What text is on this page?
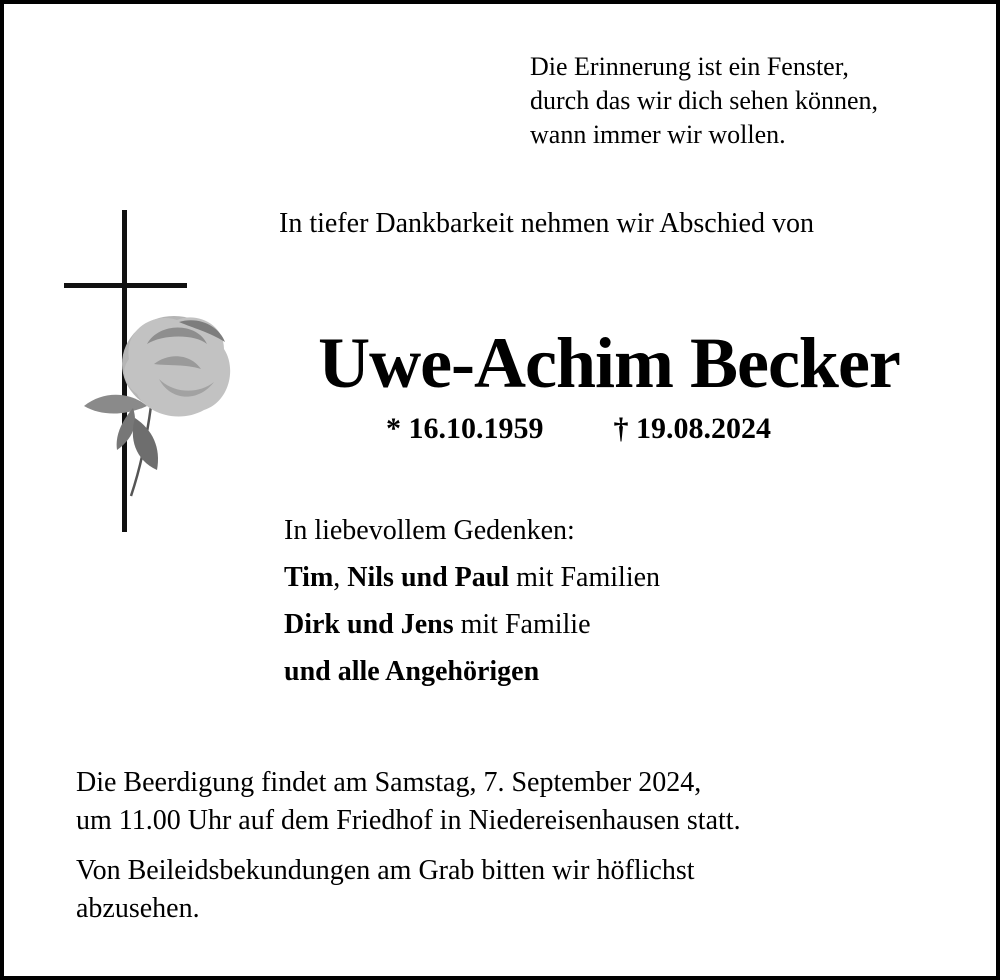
Die Erinnerung ist ein Fenster,
durch das wir dich sehen können,
wann immer wir wollen.
In tiefer Dankbarkeit nehmen wir Abschied von
Uwe-Achim Becker
* 16.10.1959 † 19.08.2024
In liebevollem Gedenken:
Tim, Nils und Paul mit Familien
Dirk und Jens mit Familie
und alle Angehörigen
Die Beerdigung findet am Samstag, 7. September 2024,
um 11.00 Uhr auf dem Friedhof in Niedereisenhausen statt.
Von Beileidsbekundungen am Grab bitten wir höflichst
abzusehen.
